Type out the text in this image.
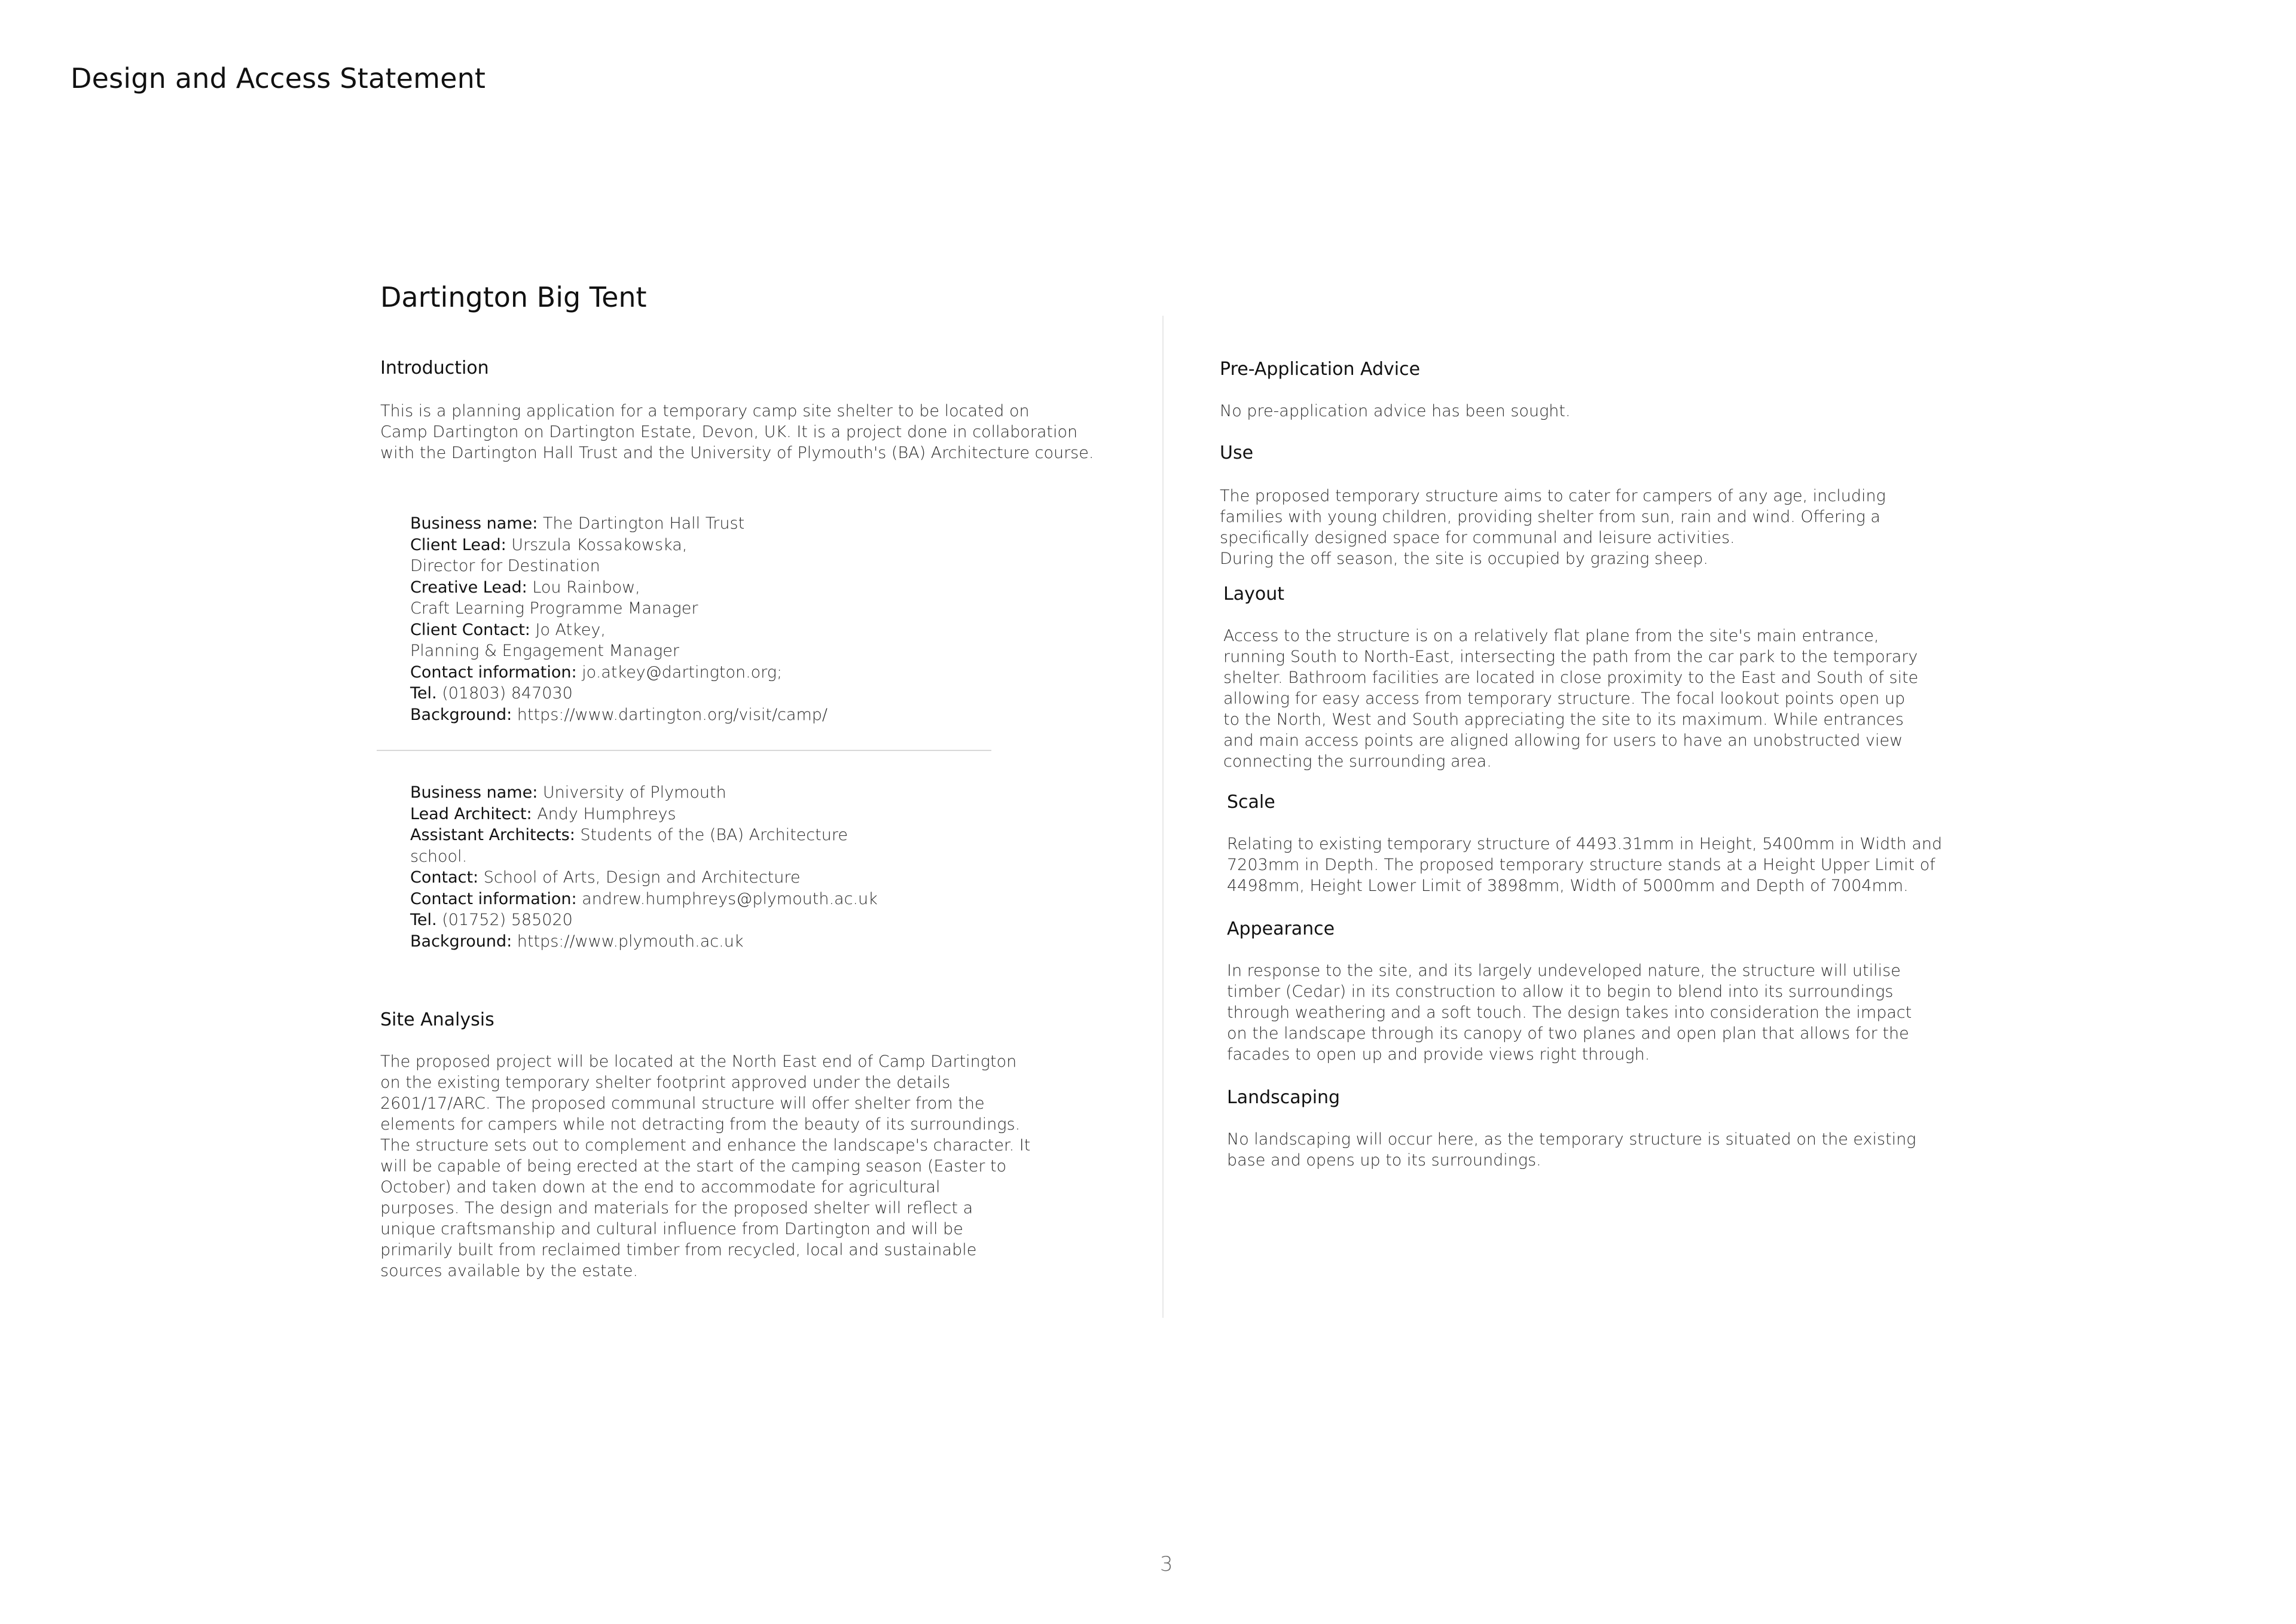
Design and Access Statement
Dartington Big Tent
Introduction
This is a planning application for a temporary camp site shelter to be located on
Camp Dartington on Dartington Estate, Devon, UK. It is a project done in collaboration
with the Dartington Hall Trust and the University of Plymouth's (BA) Architecture course.
Business name: The Dartington Hall Trust
Client Lead: Urszula Kossakowska,
Director for Destination
Creative Lead: Lou Rainbow,
Craft Learning Programme Manager
Client Contact: Jo Atkey,
Planning & Engagement Manager
Contact information: jo.atkey@dartington.org;
Tel. (01803) 847030
Background: https://www.dartington.org/visit/camp/
Business name: University of Plymouth
Lead Architect: Andy Humphreys
Assistant Architects: Students of the (BA) Architecture
school.
Contact: School of Arts, Design and Architecture
Contact information: andrew.humphreys@plymouth.ac.uk
Tel. (01752) 585020
Background: https://www.plymouth.ac.uk
Site Analysis
The proposed project will be located at the North East end of Camp Dartington
on the existing temporary shelter footprint approved under the details
2601/17/ARC. The proposed communal structure will offer shelter from the
elements for campers while not detracting from the beauty of its surroundings.
The structure sets out to complement and enhance the landscape's character. It
will be capable of being erected at the start of the camping season (Easter to
October) and taken down at the end to accommodate for agricultural
purposes. The design and materials for the proposed shelter will reflect a
unique craftsmanship and cultural influence from Dartington and will be
primarily built from reclaimed timber from recycled, local and sustainable
sources available by the estate.
Pre-Application Advice
No pre-application advice has been sought.
Use
The proposed temporary structure aims to cater for campers of any age, including
families with young children, providing shelter from sun, rain and wind. Offering a
specifically designed space for communal and leisure activities.
During the off season, the site is occupied by grazing sheep.
Layout
Access to the structure is on a relatively flat plane from the site's main entrance,
running South to North-East, intersecting the path from the car park to the temporary
shelter. Bathroom facilities are located in close proximity to the East and South of site
allowing for easy access from temporary structure. The focal lookout points open up
to the North, West and South appreciating the site to its maximum. While entrances
and main access points are aligned allowing for users to have an unobstructed view
connecting the surrounding area.
Scale
Relating to existing temporary structure of 4493.31mm in Height, 5400mm in Width and
7203mm in Depth. The proposed temporary structure stands at a Height Upper Limit of
4498mm, Height Lower Limit of 3898mm, Width of 5000mm and Depth of 7004mm.
Appearance
In response to the site, and its largely undeveloped nature, the structure will utilise
timber (Cedar) in its construction to allow it to begin to blend into its surroundings
through weathering and a soft touch. The design takes into consideration the impact
on the landscape through its canopy of two planes and open plan that allows for the
facades to open up and provide views right through.
Landscaping
No landscaping will occur here, as the temporary structure is situated on the existing
base and opens up to its surroundings.
3
